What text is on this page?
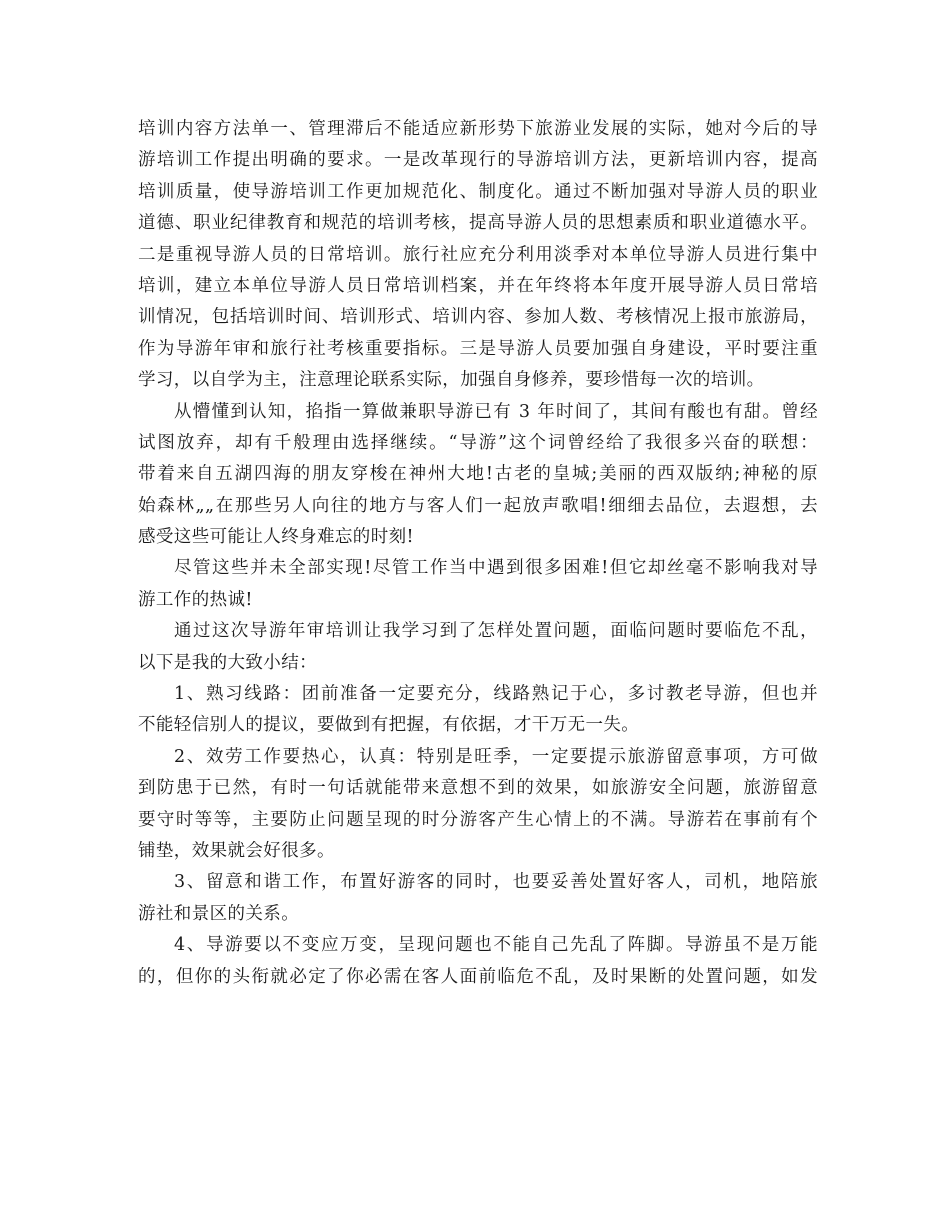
培训内容方法单一、管理滞后不能适应新形势下旅游业发展的实际，她对今后的导
游培训工作提出明确的要求。一是改革现行的导游培训方法，更新培训内容，提高
培训质量，使导游培训工作更加规范化、制度化。通过不断加强对导游人员的职业
道德、职业纪律教育和规范的培训考核，提高导游人员的思想素质和职业道德水平。
二是重视导游人员的日常培训。旅行社应充分利用淡季对本单位导游人员进行集中
培训，建立本单位导游人员日常培训档案，并在年终将本年度开展导游人员日常培
训情况，包括培训时间、培训形式、培训内容、参加人数、考核情况上报市旅游局，
作为导游年审和旅行社考核重要指标。三是导游人员要加强自身建设，平时要注重
学习，以自学为主，注意理论联系实际，加强自身修养，要珍惜每一次的培训。
从懵懂到认知，掐指一算做兼职导游已有 3 年时间了，其间有酸也有甜。曾经
试图放弃，却有千般理由选择继续。“导游”这个词曾经给了我很多兴奋的联想：
带着来自五湖四海的朋友穿梭在神州大地!古老的皇城;美丽的西双版纳;神秘的原
始森林„„在那些另人向往的地方与客人们一起放声歌唱!细细去品位，去遐想，去
感受这些可能让人终身难忘的时刻!
尽管这些并未全部实现!尽管工作当中遇到很多困难!但它却丝毫不影响我对导
游工作的热诚!
通过这次导游年审培训让我学习到了怎样处置问题，面临问题时要临危不乱，
以下是我的大致小结：
1、熟习线路：团前准备一定要充分，线路熟记于心，多讨教老导游，但也并
不能轻信别人的提议，要做到有把握，有依据，才干万无一失。
2、效劳工作要热心，认真：特别是旺季，一定要提示旅游留意事项，方可做
到防患于已然，有时一句话就能带来意想不到的效果，如旅游安全问题，旅游留意
要守时等等，主要防止问题呈现的时分游客产生心情上的不满。导游若在事前有个
铺垫，效果就会好很多。
3、留意和谐工作，布置好游客的同时，也要妥善处置好客人，司机，地陪旅
游社和景区的关系。
4、导游要以不变应万变，呈现问题也不能自己先乱了阵脚。导游虽不是万能
的，但你的头衔就必定了你必需在客人面前临危不乱，及时果断的处置问题，如发
